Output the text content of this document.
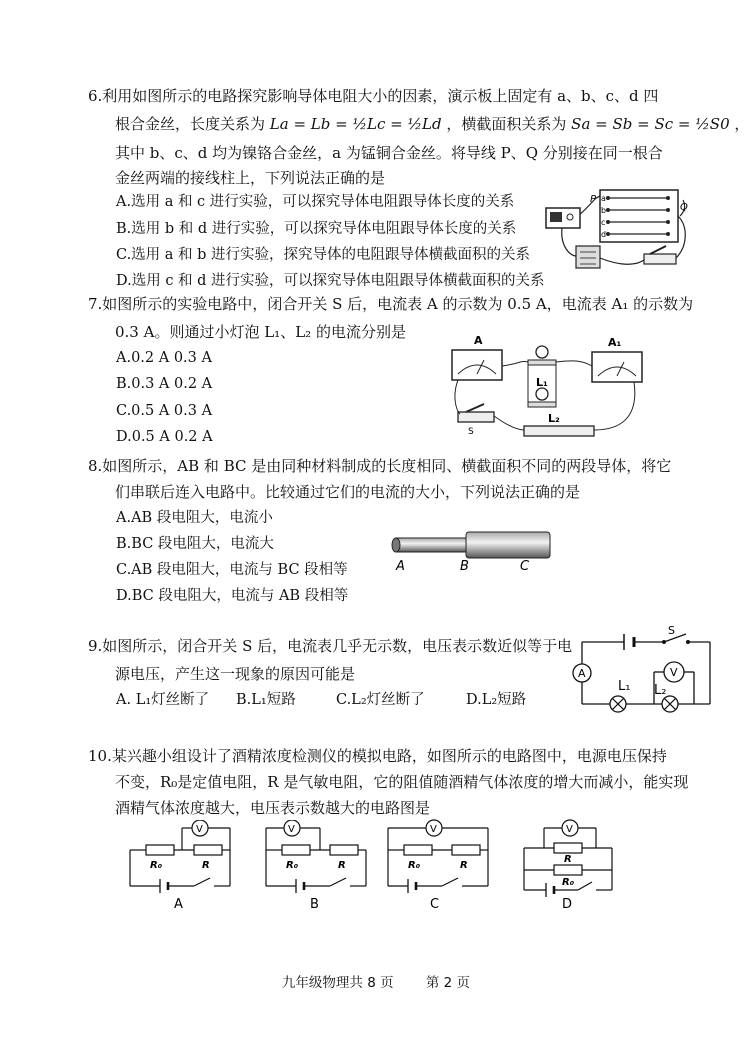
6.利用如图所示的电路探究影响导体电阻大小的因素，演示板上固定有 a、b、c、d 四
根合金丝，长度关系为 La = Lb = ½Lc = ½Ld ，横截面积关系为 Sa = Sb = Sc = ½S0 ，
其中 b、c、d 均为镍铬合金丝，a 为锰铜合金丝。将导线 P、Q 分别接在同一根合
金丝两端的接线柱上，下列说法正确的是
A.选用 a 和 c 进行实验，可以探究导体电阻跟导体长度的关系
B.选用 b 和 d 进行实验，可以探究导体电阻跟导体长度的关系
C.选用 a 和 b 进行实验，探究导体的电阻跟导体横截面积的关系
D.选用 c 和 d 进行实验，可以探究导体电阻跟导体横截面积的关系
a
b
c
d
P
Q
7.如图所示的实验电路中，闭合开关 S 后，电流表 A 的示数为 0.5 A，电流表 A₁ 的示数为
0.3 A。则通过小灯泡 L₁、L₂ 的电流分别是
A.0.2 A 0.3 A
B.0.3 A 0.2 A
C.0.5 A 0.3 A
D.0.5 A 0.2 A
A	A₁
L₁
L₂
S
8.如图所示，AB 和 BC 是由同种材料制成的长度相同、横截面积不同的两段导体，将它
们串联后连入电路中。比较通过它们的电流的大小，下列说法正确的是
A.AB 段电阻大，电流小
B.BC 段电阻大，电流大
C.AB 段电阻大，电流与 BC 段相等
D.BC 段电阻大，电流与 AB 段相等
A	B	C
9.如图所示，闭合开关 S 后，电流表几乎无示数，电压表示数近似等于电
源电压，产生这一现象的原因可能是
A. L₁灯丝断了 B.L₁短路	C.L₂灯丝断了	D.L₂短路
S
A	V
L₁ L₂
10.某兴趣小组设计了酒精浓度检测仪的模拟电路，如图所示的电路图中，电源电压保持
不变，R₀是定值电阻，R 是气敏电阻，它的阻值随酒精气体浓度的增大而减小，能实现
酒精气体浓度越大，电压表示数越大的电路图是
V
R₀	R
A
V
R₀	R
B
V
R₀	R
C
V
R
R₀
D
九年级物理共 8 页 第 2 页
